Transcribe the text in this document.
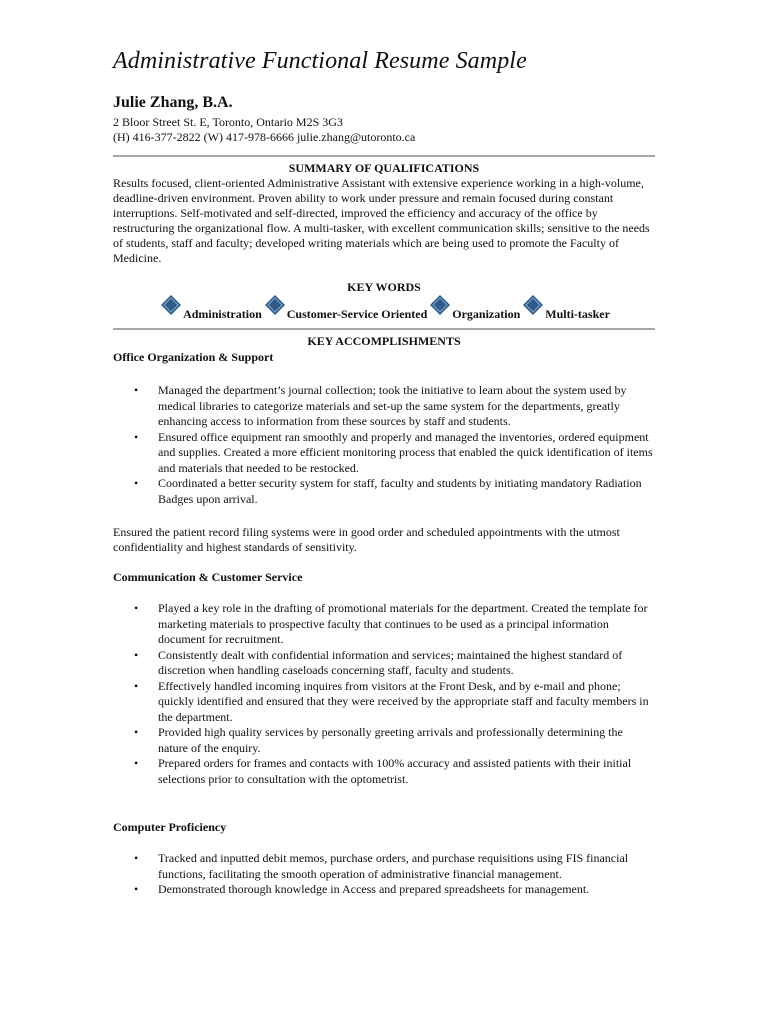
Administrative Functional Resume Sample

Julie Zhang, B.A.

2 Bloor Street St. E, Toronto, Ontario M2S 3G3

(H) 416-377-2822 (W) 417-978-6666 julie.zhang@utoronto.ca

SUMMARY OF QUALIFICATIONS

Results focused, client-oriented Administrative Assistant with extensive experience working in a high-volume, deadline-driven environment. Proven ability to work under pressure and remain focused during constant interruptions. Self-motivated and self-directed, improved the efficiency and accuracy of the office by restructuring the organizational flow. A multi-tasker, with excellent communication skills; sensitive to the needs of students, staff and faculty; developed writing materials which are being used to promote the Faculty of Medicine.

KEY WORDS

Administration Customer-Service Oriented Organization Multi-tasker

KEY ACCOMPLISHMENTS

Office Organization & Support

• Managed the department’s journal collection; took the initiative to learn about the system used by medical libraries to categorize materials and set-up the same system for the departments, greatly enhancing access to information from these sources by staff and students.
• Ensured office equipment ran smoothly and properly and managed the inventories, ordered equipment and supplies. Created a more efficient monitoring process that enabled the quick identification of items and materials that needed to be restocked.
• Coordinated a better security system for staff, faculty and students by initiating mandatory Radiation Badges upon arrival.

Ensured the patient record filing systems were in good order and scheduled appointments with the utmost confidentiality and highest standards of sensitivity.

Communication & Customer Service

• Played a key role in the drafting of promotional materials for the department. Created the template for marketing materials to prospective faculty that continues to be used as a principal information document for recruitment.
• Consistently dealt with confidential information and services; maintained the highest standard of discretion when handling caseloads concerning staff, faculty and students.
• Effectively handled incoming inquires from visitors at the Front Desk, and by e-mail and phone; quickly identified and ensured that they were received by the appropriate staff and faculty members in the department.
• Provided high quality services by personally greeting arrivals and professionally determining the nature of the enquiry.
• Prepared orders for frames and contacts with 100% accuracy and assisted patients with their initial selections prior to consultation with the optometrist.

Computer Proficiency

• Tracked and inputted debit memos, purchase orders, and purchase requisitions using FIS financial functions, facilitating the smooth operation of administrative financial management.
• Demonstrated thorough knowledge in Access and prepared spreadsheets for management.
